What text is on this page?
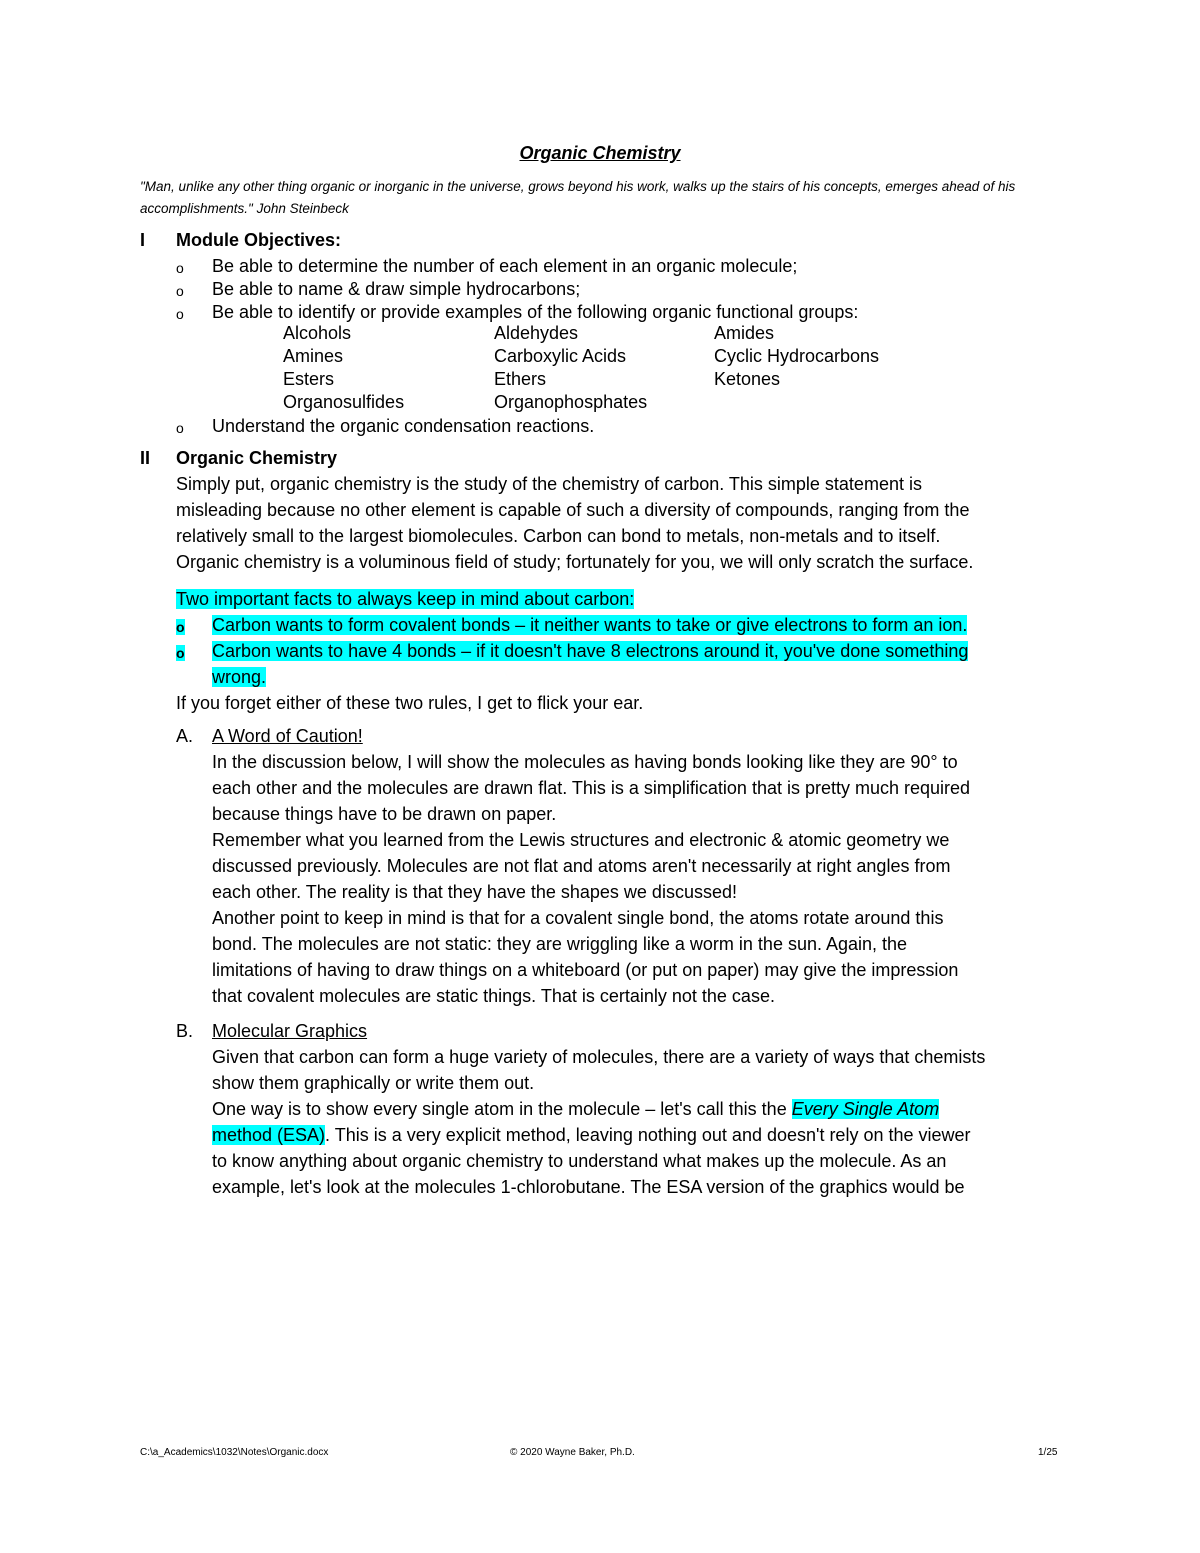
Organic Chemistry
"Man, unlike any other thing organic or inorganic in the universe, grows beyond his work, walks up the stairs of his concepts, emerges ahead of his accomplishments." John Steinbeck
I Module Objectives:
o Be able to determine the number of each element in an organic molecule;
o Be able to name & draw simple hydrocarbons;
o Be able to identify or provide examples of the following organic functional groups:
Alcohols	Aldehydes	Amides
Amines	Carboxylic Acids	Cyclic Hydrocarbons
Esters	Ethers	Ketones
Organosulfides	Organophosphates
o Understand the organic condensation reactions.
II Organic Chemistry
Simply put, organic chemistry is the study of the chemistry of carbon. This simple statement is
misleading because no other element is capable of such a diversity of compounds, ranging from the
relatively small to the largest biomolecules. Carbon can bond to metals, non-metals and to itself.
Organic chemistry is a voluminous field of study; fortunately for you, we will only scratch the surface.
Two important facts to always keep in mind about carbon:
o Carbon wants to form covalent bonds – it neither wants to take or give electrons to form an ion.
o Carbon wants to have 4 bonds – if it doesn't have 8 electrons around it, you've done something
wrong.
If you forget either of these two rules, I get to flick your ear.
A. A Word of Caution!
In the discussion below, I will show the molecules as having bonds looking like they are 90° to
each other and the molecules are drawn flat. This is a simplification that is pretty much required
because things have to be drawn on paper.
Remember what you learned from the Lewis structures and electronic & atomic geometry we
discussed previously. Molecules are not flat and atoms aren't necessarily at right angles from
each other. The reality is that they have the shapes we discussed!
Another point to keep in mind is that for a covalent single bond, the atoms rotate around this
bond. The molecules are not static: they are wriggling like a worm in the sun. Again, the
limitations of having to draw things on a whiteboard (or put on paper) may give the impression
that covalent molecules are static things. That is certainly not the case.
B. Molecular Graphics
Given that carbon can form a huge variety of molecules, there are a variety of ways that chemists
show them graphically or write them out.
One way is to show every single atom in the molecule – let's call this the Every Single Atom
method (ESA). This is a very explicit method, leaving nothing out and doesn't rely on the viewer
to know anything about organic chemistry to understand what makes up the molecule. As an
example, let's look at the molecules 1-chlorobutane. The ESA version of the graphics would be
C:\a_Academics\1032\Notes\Organic.docx	© 2020 Wayne Baker, Ph.D.	1/25
